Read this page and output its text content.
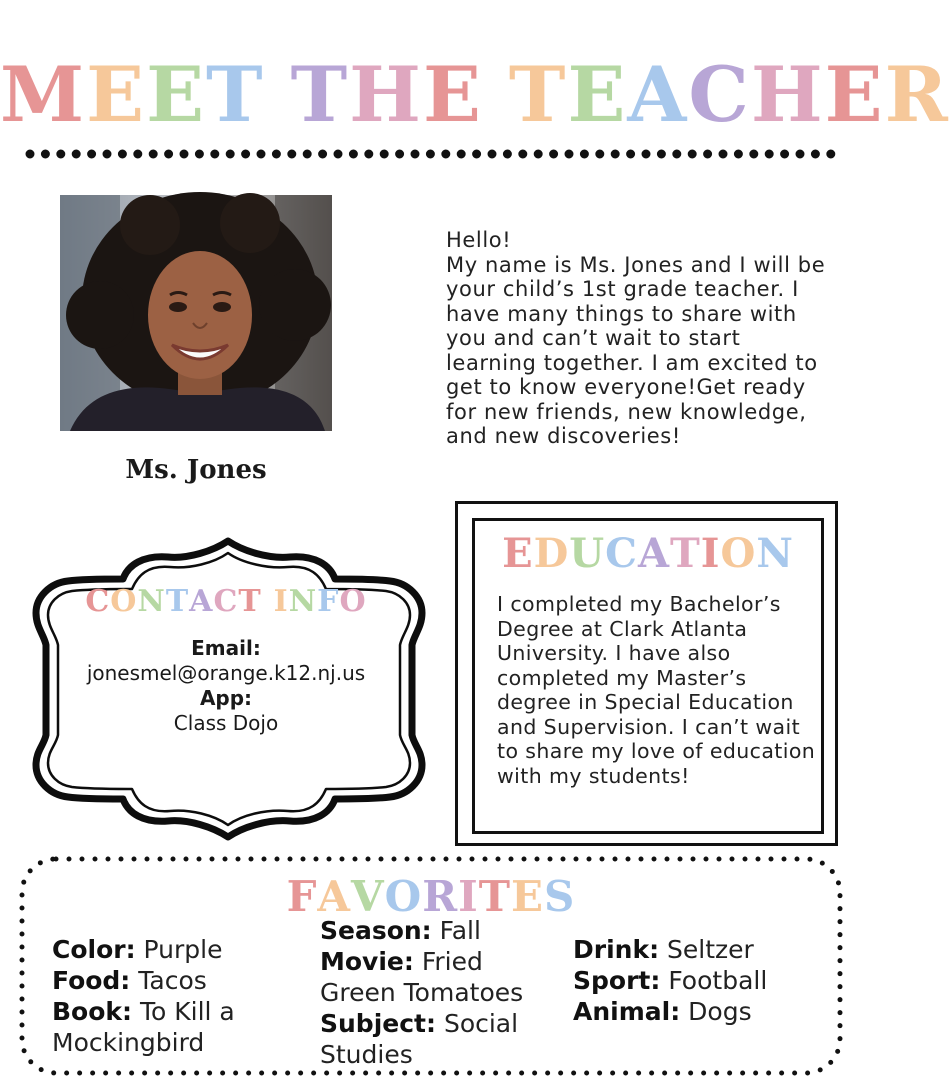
MEET THE TEACHER
Ms. Jones
Hello!
My name is Ms. Jones and I will be your child’s 1st grade teacher. I have many things to share with you and can’t wait to start learning together. I am excited to get to know everyone!Get ready for new friends, new knowledge, and new discoveries!
CONTACT INFO
Email:
jonesmel@orange.k12.nj.us
App:
Class Dojo
EDUCATION
I completed my Bachelor’s Degree at Clark Atlanta University. I have also completed my Master’s degree in Special Education and Supervision. I can’t wait to share my love of education with my students!
FAVORITES
Color: Purple
Food: Tacos
Book: To Kill a Mockingbird
Season: Fall
Movie: Fried Green Tomatoes
Subject: Social Studies
Drink: Seltzer
Sport: Football
Animal: Dogs
